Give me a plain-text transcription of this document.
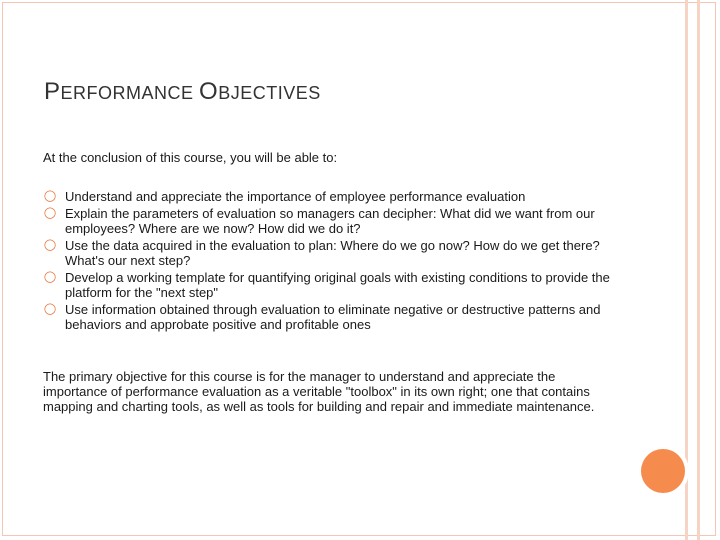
PERFORMANCE OBJECTIVES

At the conclusion of this course, you will be able to:

◯ Understand and appreciate the importance of employee performance evaluation
◯ Explain the parameters of evaluation so managers can decipher: What did we want from our employees? Where are we now? How did we do it?
◯ Use the data acquired in the evaluation to plan: Where do we go now? How do we get there? What's our next step?
◯ Develop a working template for quantifying original goals with existing conditions to provide the platform for the "next step"
◯ Use information obtained through evaluation to eliminate negative or destructive patterns and behaviors and approbate positive and profitable ones

The primary objective for this course is for the manager to understand and appreciate the importance of performance evaluation as a veritable "toolbox" in its own right; one that contains mapping and charting tools, as well as tools for building and repair and immediate maintenance.
